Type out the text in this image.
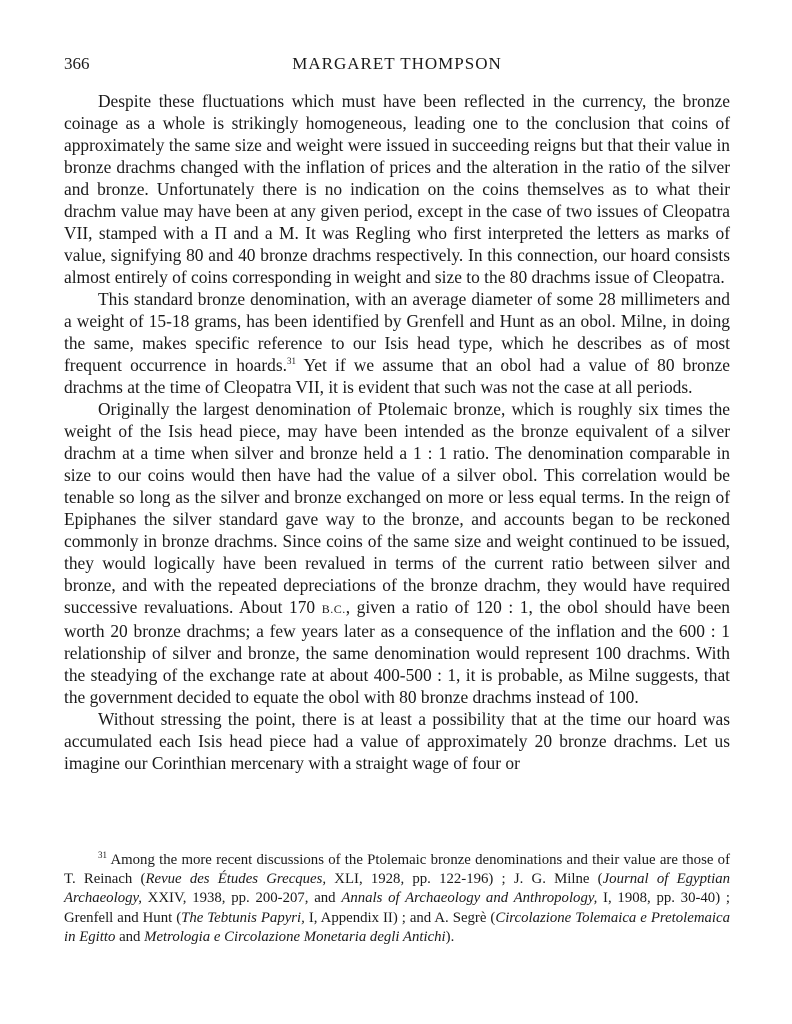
366	MARGARET THOMPSON

Despite these fluctuations which must have been reflected in the currency, the bronze coinage as a whole is strikingly homogeneous, leading one to the conclusion that coins of approximately the same size and weight were issued in succeeding reigns but that their value in bronze drachms changed with the inflation of prices and the alteration in the ratio of the silver and bronze. Unfortunately there is no indication on the coins themselves as to what their drachm value may have been at any given period, except in the case of two issues of Cleopatra VII, stamped with a Π and a M. It was Regling who first interpreted the letters as marks of value, signifying 80 and 40 bronze drachms respectively. In this connection, our hoard consists almost entirely of coins corresponding in weight and size to the 80 drachms issue of Cleopatra.

This standard bronze denomination, with an average diameter of some 28 millimeters and a weight of 15-18 grams, has been identified by Grenfell and Hunt as an obol. Milne, in doing the same, makes specific reference to our Isis head type, which he describes as of most frequent occurrence in hoards.$^{31}$ Yet if we assume that an obol had a value of 80 bronze drachms at the time of Cleopatra VII, it is evident that such was not the case at all periods.

Originally the largest denomination of Ptolemaic bronze, which is roughly six times the weight of the Isis head piece, may have been intended as the bronze equivalent of a silver drachm at a time when silver and bronze held a 1 : 1 ratio. The denomination comparable in size to our coins would then have had the value of a silver obol. This correlation would be tenable so long as the silver and bronze exchanged on more or less equal terms. In the reign of Epiphanes the silver standard gave way to the bronze, and accounts began to be reckoned commonly in bronze drachms. Since coins of the same size and weight continued to be issued, they would logically have been revalued in terms of the current ratio between silver and bronze, and with the repeated depreciations of the bronze drachm, they would have required successive revaluations. About 170 B.C., given a ratio of 120 : 1, the obol should have been worth 20 bronze drachms; a few years later as a consequence of the inflation and the 600 : 1 relationship of silver and bronze, the same denomination would represent 100 drachms. With the steadying of the exchange rate at about 400-500 : 1, it is probable, as Milne suggests, that the government decided to equate the obol with 80 bronze drachms instead of 100.

Without stressing the point, there is at least a possibility that at the time our hoard was accumulated each Isis head piece had a value of approximately 20 bronze drachms. Let us imagine our Corinthian mercenary with a straight wage of four or

$^{31}$ Among the more recent discussions of the Ptolemaic bronze denominations and their value are those of T. Reinach (Revue des Études Grecques, XLI, 1928, pp. 122-196) ; J. G. Milne (Journal of Egyptian Archaeology, XXIV, 1938, pp. 200-207, and Annals of Archaeology and Anthropology, I, 1908, pp. 30-40) ; Grenfell and Hunt (The Tebtunis Papyri, I, Appendix II) ; and A. Segrè (Circolazione Tolemaica e Pretolemaica in Egitto and Metrologia e Circolazione Monetaria degli Antichi).
